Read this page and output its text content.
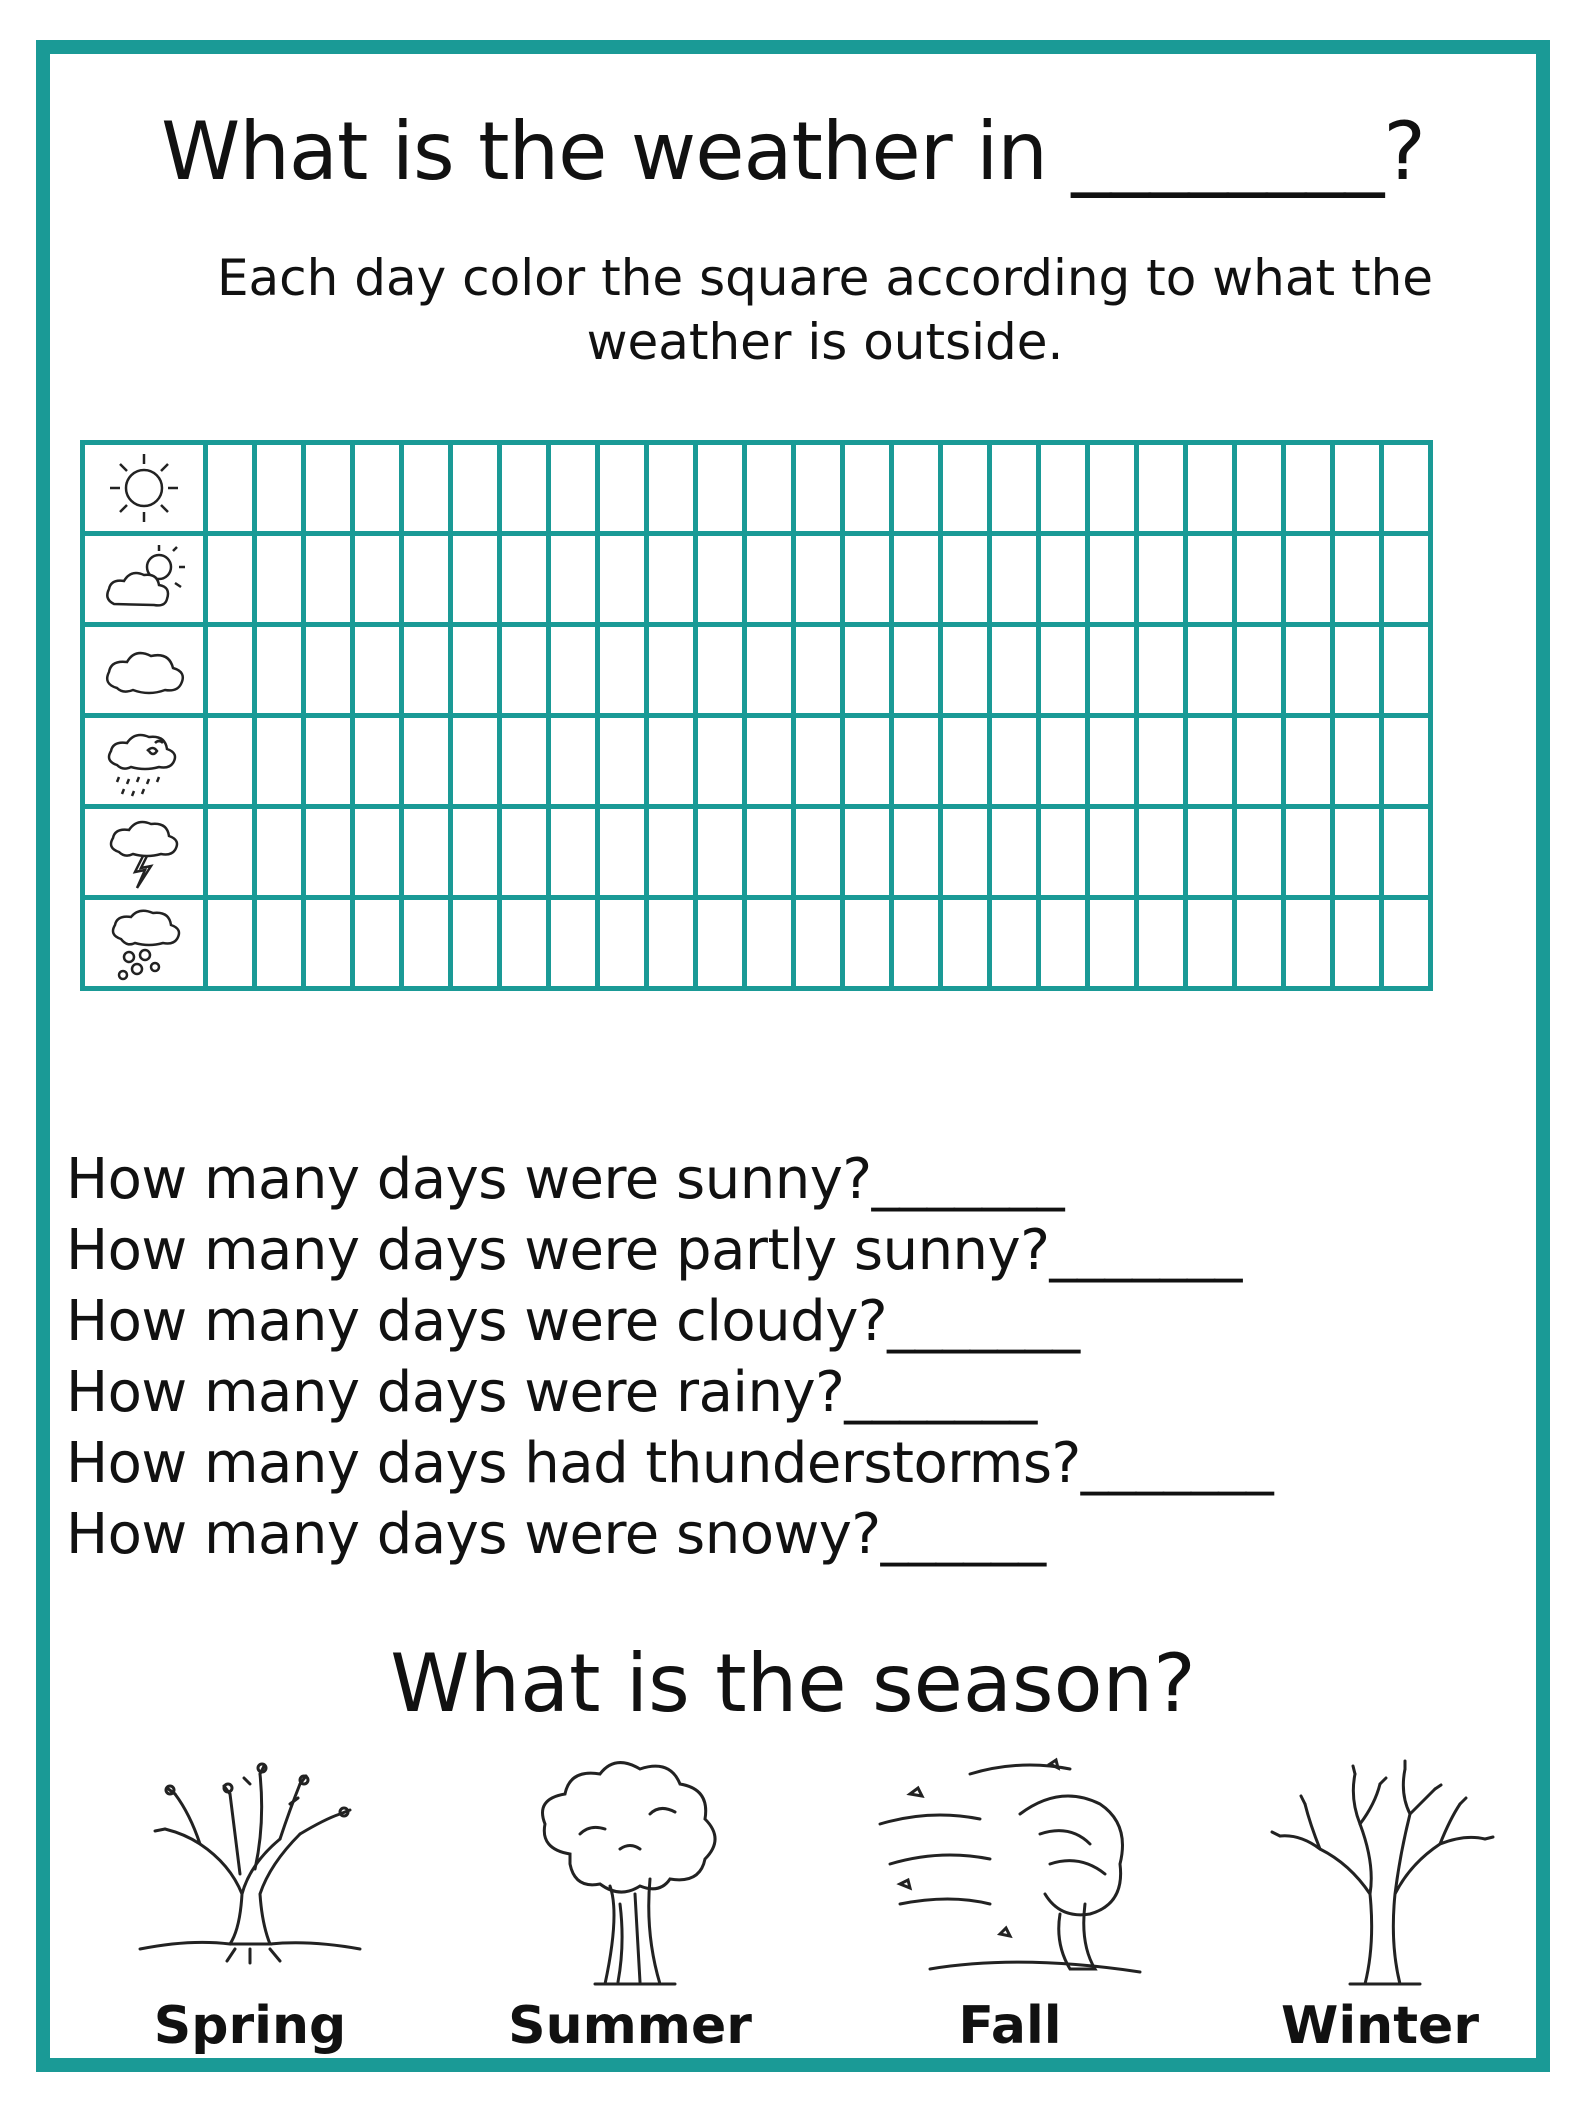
What is the weather in ________?
Each day color the square according to what the weather is outside.

How many days were sunny?_______
How many days were partly sunny?_______
How many days were cloudy?_______
How many days were rainy?_______
How many days had thunderstorms?_______
How many days were snowy?______
What is the season?
Spring	Summer	Fall	Winter
